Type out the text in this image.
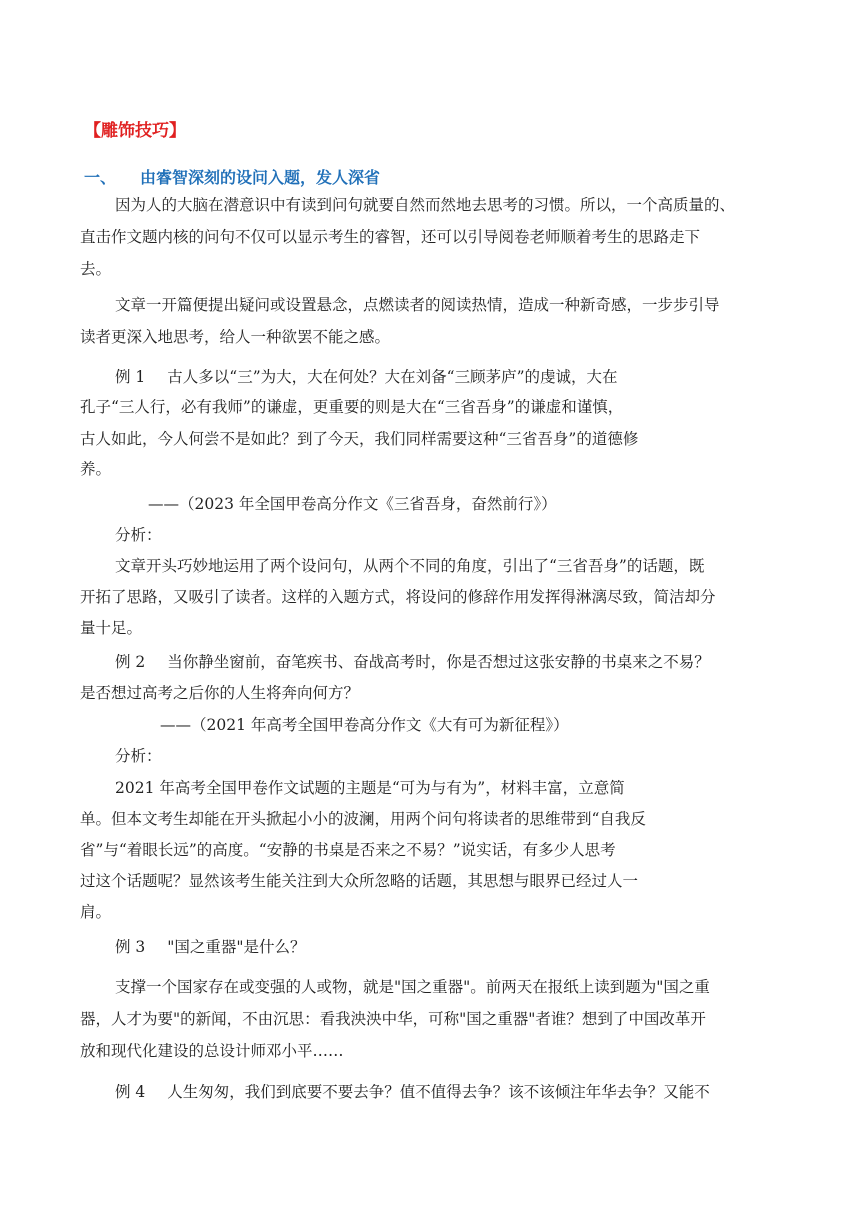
【雕饰技巧】
一、 由睿智深刻的设问入题，发人深省
因为人的大脑在潜意识中有读到问句就要自然而然地去思考的习惯。所以，一个高质量的、
直击作文题内核的问句不仅可以显示考生的睿智，还可以引导阅卷老师顺着考生的思路走下
去。
文章一开篇便提出疑问或设置悬念，点燃读者的阅读热情，造成一种新奇感，一步步引导
读者更深入地思考，给人一种欲罢不能之感。
例 1 古人多以“三”为大，大在何处？大在刘备“三顾茅庐”的虔诚，大在
孔子“三人行，必有我师”的谦虚，更重要的则是大在“三省吾身”的谦虚和谨慎，
古人如此，今人何尝不是如此？到了今天，我们同样需要这种“三省吾身”的道德修
养。
——（2023 年全国甲卷高分作文《三省吾身，奋然前行》）
分析：
文章开头巧妙地运用了两个设问句，从两个不同的角度，引出了“三省吾身”的话题，既
开拓了思路，又吸引了读者。这样的入题方式，将设问的修辞作用发挥得淋漓尽致，简洁却分
量十足。
例 2 当你静坐窗前，奋笔疾书、奋战高考时，你是否想过这张安静的书桌来之不易？
是否想过高考之后你的人生将奔向何方？
——（2021 年高考全国甲卷高分作文《大有可为新征程》）
分析：
2021 年高考全国甲卷作文试题的主题是“可为与有为”，材料丰富，立意简
单。但本文考生却能在开头掀起小小的波澜，用两个问句将读者的思维带到“自我反
省”与“着眼长远”的高度。“安静的书桌是否来之不易？”说实话，有多少人思考
过这个话题呢？显然该考生能关注到大众所忽略的话题，其思想与眼界已经过人一
肩。
例 3 "国之重器"是什么？
支撑一个国家存在或变强的人或物，就是"国之重器"。前两天在报纸上读到题为"国之重
器，人才为要"的新闻，不由沉思：看我泱泱中华，可称"国之重器"者谁？想到了中国改革开
放和现代化建设的总设计师邓小平……
例 4 人生匆匆，我们到底要不要去争？值不值得去争？该不该倾注年华去争？又能不
